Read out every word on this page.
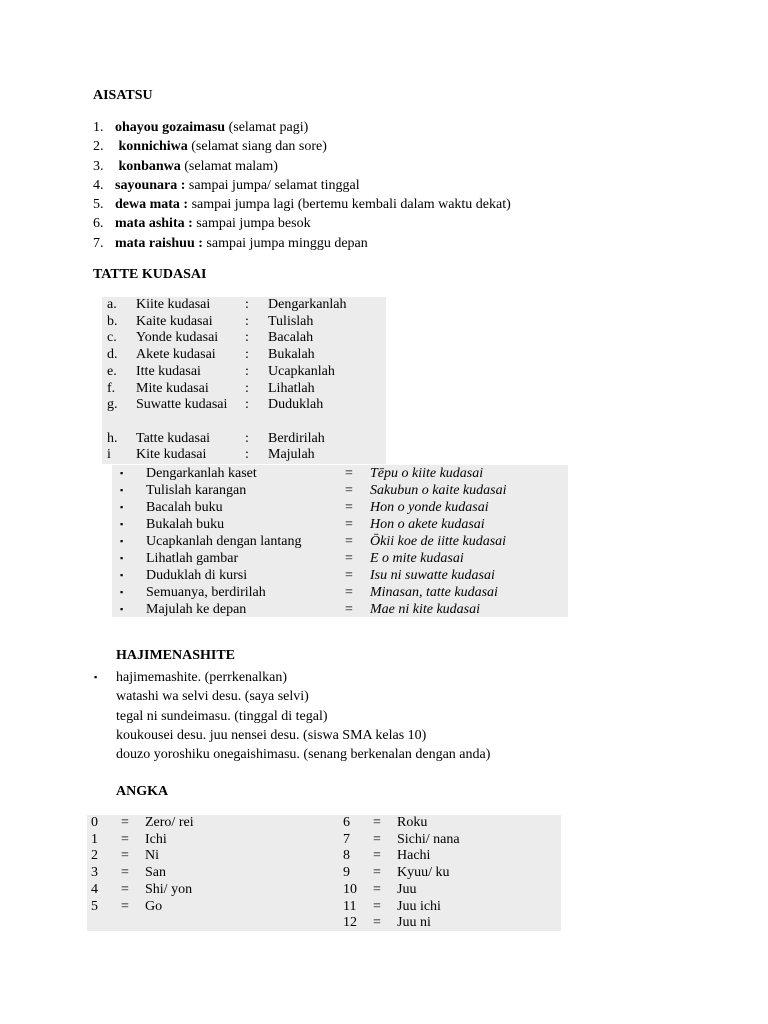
AISATSU
1. ohayou gozaimasu (selamat pagi)
2. konnichiwa (selamat siang dan sore)
3. konbanwa (selamat malam)
4. sayounara : sampai jumpa/ selamat tinggal
5. dewa mata : sampai jumpa lagi (bertemu kembali dalam waktu dekat)
6. mata ashita : sampai jumpa besok
7. mata raishuu : sampai jumpa minggu depan
TATTE KUDASAI
a. Kiite kudasai	: Dengarkanlah
b. Kaite kudasai	: Tulislah
c. Yonde kudasai	: Bacalah
d. Akete kudasai	: Bukalah
e. Itte kudasai	: Ucapkanlah
f. Mite kudasai	: Lihatlah
g. Suwatte kudasai	: Duduklah
h. Tatte kudasai	: Berdirilah
i Kite kudasai	: Majulah
▪ Dengarkanlah kaset	= Tēpu o kiite kudasai
▪ Tulislah karangan	= Sakubun o kaite kudasai
▪ Bacalah buku	= Hon o yonde kudasai
▪ Bukalah buku	= Hon o akete kudasai
▪ Ucapkanlah dengan lantang	= Ōkii koe de iitte kudasai
▪ Lihatlah gambar	= E o mite kudasai
▪ Duduklah di kursi	= Isu ni suwatte kudasai
▪ Semuanya, berdirilah	= Minasan, tatte kudasai
▪ Majulah ke depan	= Mae ni kite kudasai
HAJIMENASHITE
▪ hajimemashite. (perrkenalkan)
watashi wa selvi desu. (saya selvi)
tegal ni sundeimasu. (tinggal di tegal)
koukousei desu. juu nensei desu. (siswa SMA kelas 10)
douzo yoroshiku onegaishimasu. (senang berkenalan dengan anda)
ANGKA
0 = Zero/ rei
1 = Ichi
2 = Ni
3 = San
4 = Shi/ yon
5 = Go
6 = Roku
7 = Sichi/ nana
8 = Hachi
9 = Kyuu/ ku
10 = Juu
11 = Juu ichi
12 = Juu ni
